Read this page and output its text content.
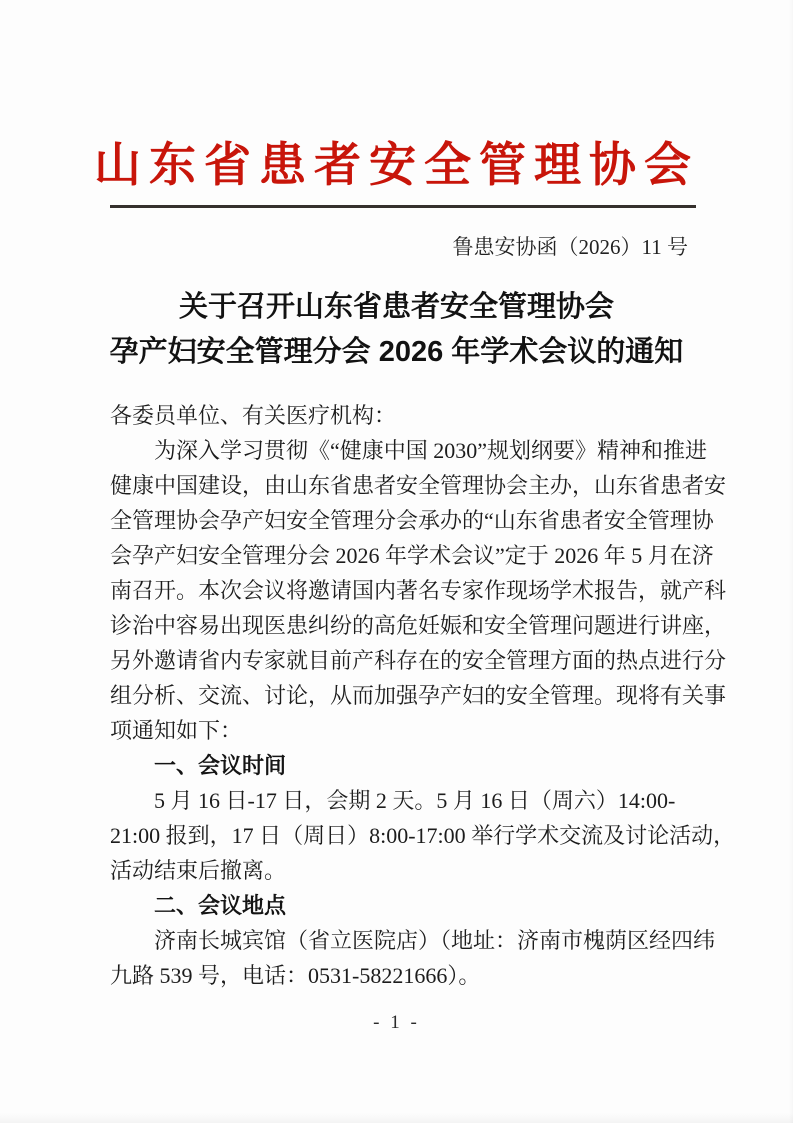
山东省患者安全管理协会
鲁患安协函（2026）11 号
关于召开山东省患者安全管理协会
孕产妇安全管理分会 2026 年学术会议的通知
各委员单位、有关医疗机构：
为深入学习贯彻《“健康中国 2030”规划纲要》精神和推进
健康中国建设，由山东省患者安全管理协会主办，山东省患者安
全管理协会孕产妇安全管理分会承办的“山东省患者安全管理协
会孕产妇安全管理分会 2026 年学术会议”定于 2026 年 5 月在济
南召开。本次会议将邀请国内著名专家作现场学术报告，就产科
诊治中容易出现医患纠纷的高危妊娠和安全管理问题进行讲座，
另外邀请省内专家就目前产科存在的安全管理方面的热点进行分
组分析、交流、讨论，从而加强孕产妇的安全管理。现将有关事
项通知如下：
一、会议时间
5 月 16 日-17 日，会期 2 天。5 月 16 日（周六）14:00-
21:00 报到，17 日（周日）8:00-17:00 举行学术交流及讨论活动，
活动结束后撤离。
二、会议地点
济南长城宾馆（省立医院店）（地址：济南市槐荫区经四纬
九路 539 号，电话：0531-58221666）。
- 1 -
